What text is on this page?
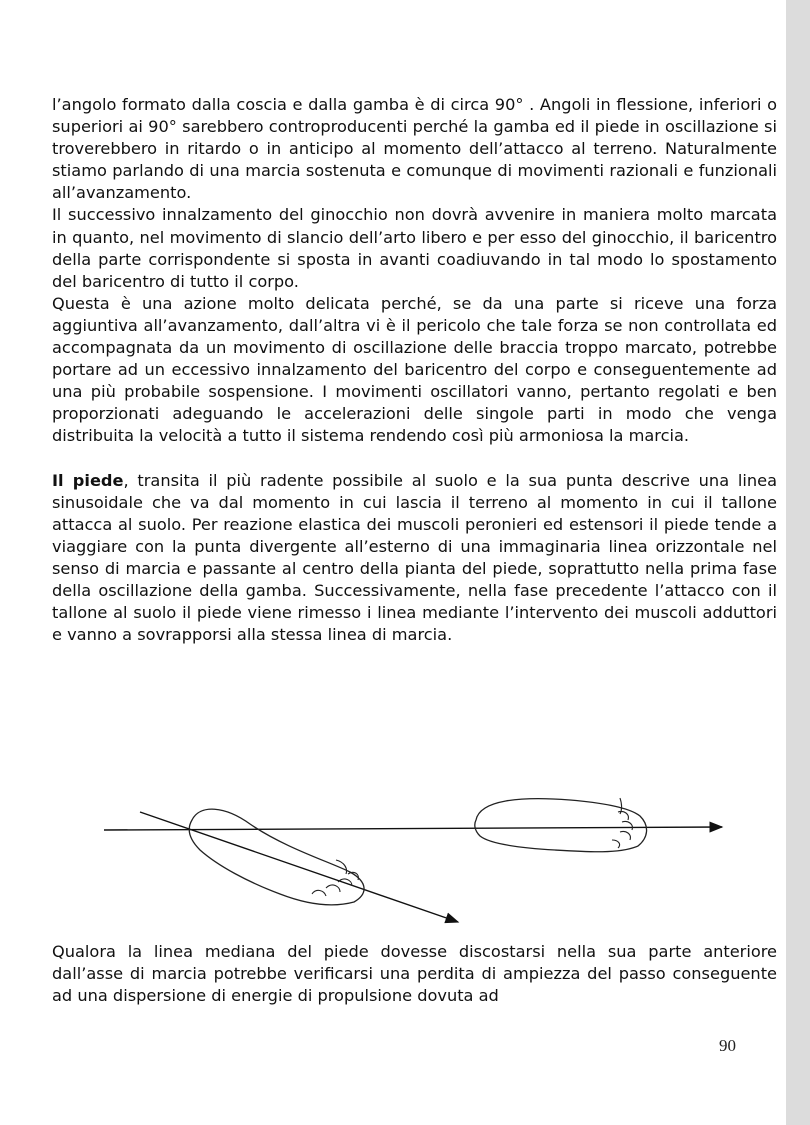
l’angolo formato dalla coscia e dalla gamba è di circa 90° . Angoli in flessione, inferiori o superiori ai 90° sarebbero controproducenti perché la gamba ed il piede in oscillazione si troverebbero in ritardo o in anticipo al momento dell’attacco al terreno. Naturalmente stiamo parlando di una marcia sostenuta e comunque di movimenti razionali e funzionali all’avanzamento.

Il successivo innalzamento del ginocchio non dovrà avvenire in maniera molto marcata in quanto, nel movimento di slancio dell’arto libero e per esso del ginocchio, il baricentro della parte corrispondente si sposta in avanti coadiuvando in tal modo lo spostamento del baricentro di tutto il corpo.

Questa è una azione molto delicata perché, se da una parte si riceve una forza aggiuntiva all’avanzamento, dall’altra vi è il pericolo che tale forza se non controllata ed accompagnata da un movimento di oscillazione delle braccia troppo marcato, potrebbe portare ad un eccessivo innalzamento del baricentro del corpo e conseguentemente ad una più probabile sospensione. I movimenti oscillatori vanno, pertanto regolati e ben proporzionati adeguando le accelerazioni delle singole parti in modo che venga distribuita la velocità a tutto il sistema rendendo così più armoniosa la marcia.

Il piede, transita il più radente possibile al suolo e la sua punta descrive una linea sinusoidale che va dal momento in cui lascia il terreno al momento in cui il tallone attacca al suolo. Per reazione elastica dei muscoli peronieri ed estensori il piede tende a viaggiare con la punta divergente all’esterno di una immaginaria linea orizzontale nel senso di marcia e passante al centro della pianta del piede, soprattutto nella prima fase della oscillazione della gamba. Successivamente, nella fase precedente l’attacco con il tallone al suolo il piede viene rimesso i linea mediante l’intervento dei muscoli adduttori e vanno a sovrapporsi alla stessa linea di marcia.

Qualora la linea mediana del piede dovesse discostarsi nella sua parte anteriore dall’asse di marcia potrebbe verificarsi una perdita di ampiezza del passo conseguente ad una dispersione di energie di propulsione dovuta ad

90
